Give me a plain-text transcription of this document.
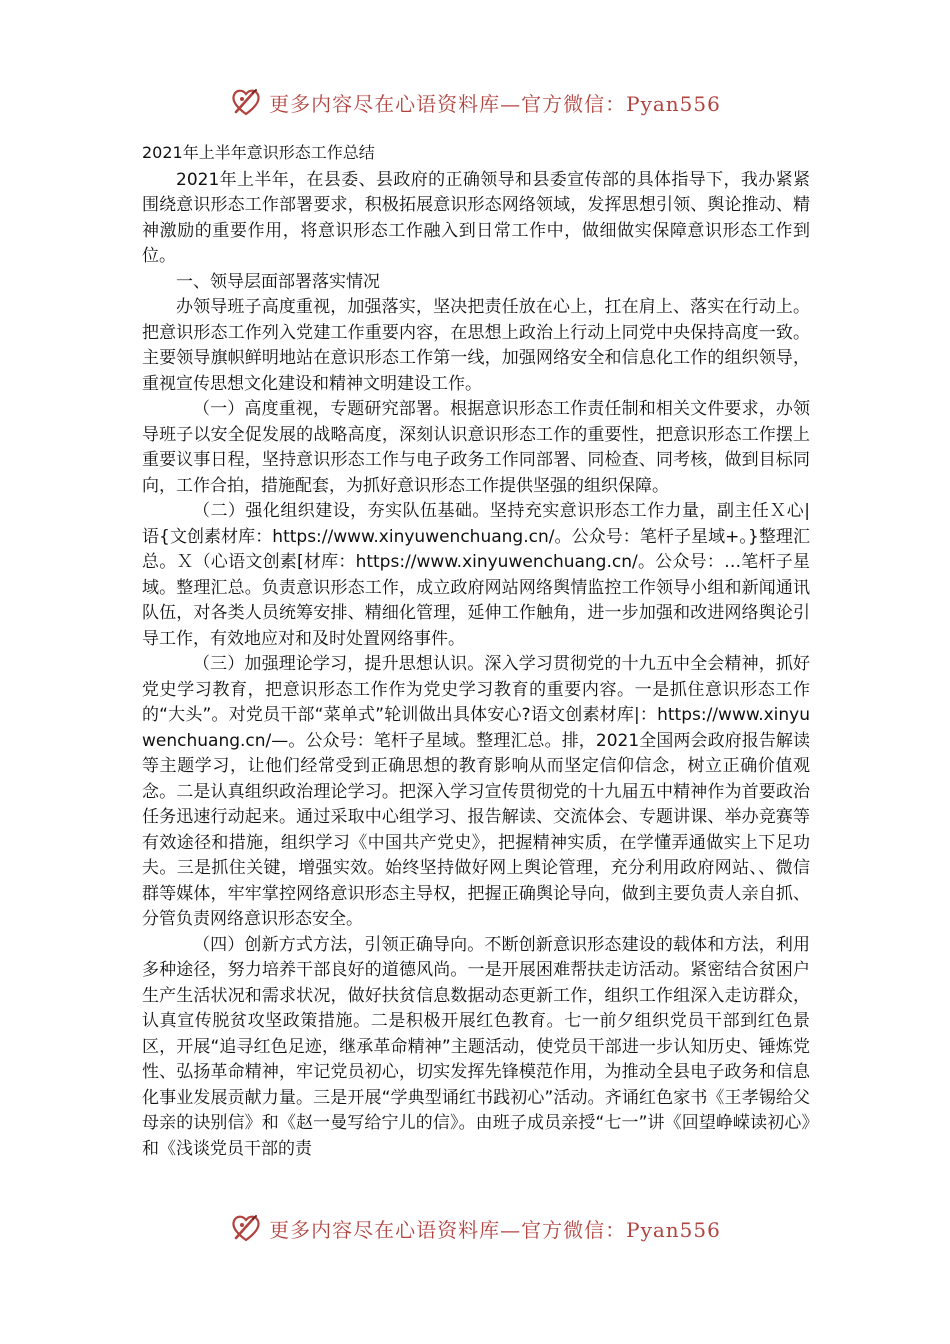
更多内容尽在心语资料库—官方微信：Pyan556

2021年上半年意识形态工作总结

2021年上半年，在县委、县政府的正确领导和县委宣传部的具体指导下，我办紧紧围绕意识形态工作部署要求，积极拓展意识形态网络领域，发挥思想引领、舆论推动、精神激励的重要作用，将意识形态工作融入到日常工作中，做细做实保障意识形态工作到位。

一、领导层面部署落实情况

办领导班子高度重视，加强落实，坚决把责任放在心上，扛在肩上、落实在行动上。把意识形态工作列入党建工作重要内容，在思想上政治上行动上同党中央保持高度一致。主要领导旗帜鲜明地站在意识形态工作第一线，加强网络安全和信息化工作的组织领导，重视宣传思想文化建设和精神文明建设工作。

（一）高度重视，专题研究部署。根据意识形态工作责任制和相关文件要求，办领导班子以安全促发展的战略高度，深刻认识意识形态工作的重要性，把意识形态工作摆上重要议事日程，坚持意识形态工作与电子政务工作同部署、同检查、同考核，做到目标同向，工作合拍，措施配套，为抓好意识形态工作提供坚强的组织保障。

（二）强化组织建设，夯实队伍基础。坚持充实意识形态工作力量，副主任Ｘ心|语{文创素材库：https://www.xinyuwenchuang.cn/。公众号：笔杆子星域+。}整理汇总。Ｘ（心语文创素[材库：https://www.xinyuwenchuang.cn/。公众号：…笔杆子星域。整理汇总。负责意识形态工作，成立政府网站网络舆情监控工作领导小组和新闻通讯队伍，对各类人员统筹安排、精细化管理，延伸工作触角，进一步加强和改进网络舆论引导工作，有效地应对和及时处置网络事件。

（三）加强理论学习，提升思想认识。深入学习贯彻党的十九五中全会精神，抓好党史学习教育，把意识形态工作作为党史学习教育的重要内容。一是抓住意识形态工作的“大头”。对党员干部“菜单式”轮训做出具体安心?语文创素材库|：https://www.xinyuwenchuang.cn/—。公众号：笔杆子星域。整理汇总。排，2021全国两会政府报告解读等主题学习，让他们经常受到正确思想的教育影响从而坚定信仰信念，树立正确价值观念。二是认真组织政治理论学习。把深入学习宣传贯彻党的十九届五中精神作为首要政治任务迅速行动起来。通过采取中心组学习、报告解读、交流体会、专题讲课、举办竞赛等有效途径和措施，组织学习《中国共产党史》，把握精神实质，在学懂弄通做实上下足功夫。三是抓住关键，增强实效。始终坚持做好网上舆论管理，充分利用政府网站、、微信群等媒体，牢牢掌控网络意识形态主导权，把握正确舆论导向，做到主要负责人亲自抓、分管负责网络意识形态安全。

（四）创新方式方法，引领正确导向。不断创新意识形态建设的载体和方法，利用多种途径，努力培养干部良好的道德风尚。一是开展困难帮扶走访活动。紧密结合贫困户生产生活状况和需求状况，做好扶贫信息数据动态更新工作，组织工作组深入走访群众，认真宣传脱贫攻坚政策措施。二是积极开展红色教育。七一前夕组织党员干部到红色景区，开展“追寻红色足迹，继承革命精神”主题活动，使党员干部进一步认知历史、锤炼党性、弘扬革命精神，牢记党员初心，切实发挥先锋模范作用，为推动全县电子政务和信息化事业发展贡献力量。三是开展“学典型诵红书践初心”活动。齐诵红色家书《王孝锡给父母亲的诀别信》和《赵一曼写给宁儿的信》。由班子成员亲授“七一”讲《回望峥嵘读初心》和《浅谈党员干部的责

更多内容尽在心语资料库—官方微信：Pyan556
